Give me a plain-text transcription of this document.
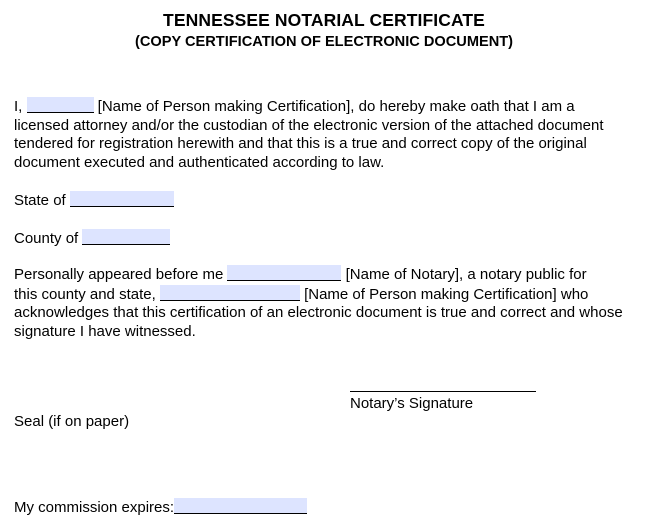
TENNESSEE NOTARIAL CERTIFICATE
(COPY CERTIFICATION OF ELECTRONIC DOCUMENT)
I,	[Name of Person making Certification], do hereby make oath that I am a
licensed attorney and/or the custodian of the electronic version of the attached document tendered for registration herewith and that this is a true and correct copy of the original document executed and authenticated according to law.
State of
County of
Personally appeared before me	[Name of Notary], a notary public for
this county and state,	[Name of Person making Certification] who
acknowledges that this certification of an electronic document is true and correct and whose signature I have witnessed.
Notary’s Signature
Seal (if on paper)
My commission expires:
